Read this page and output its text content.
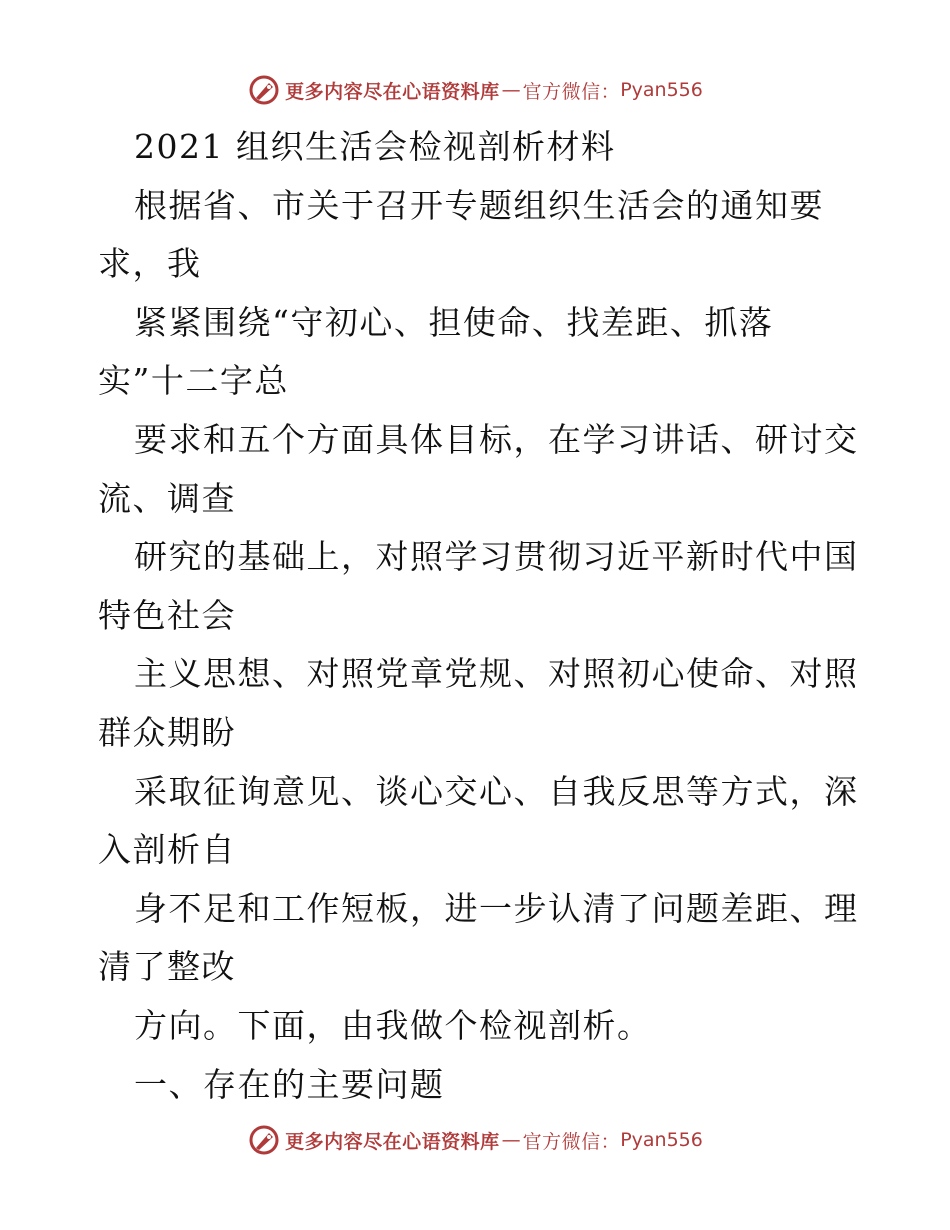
更多内容尽在心语资料库 — 官方微信： Pyan556
2021 组织生活会检视剖析材料
根据省、市关于召开专题组织生活会的通知要
求，我
紧紧围绕“守初心、担使命、找差距、抓落
实”十二字总
要求和五个方面具体目标，在学习讲话、研讨交
流、调查
研究的基础上，对照学习贯彻习近平新时代中国
特色社会
主义思想、对照党章党规、对照初心使命、对照
群众期盼
采取征询意见、谈心交心、自我反思等方式，深
入剖析自
身不足和工作短板，进一步认清了问题差距、理
清了整改
方向。下面，由我做个检视剖析。
一、存在的主要问题
更多内容尽在心语资料库 — 官方微信： Pyan556
